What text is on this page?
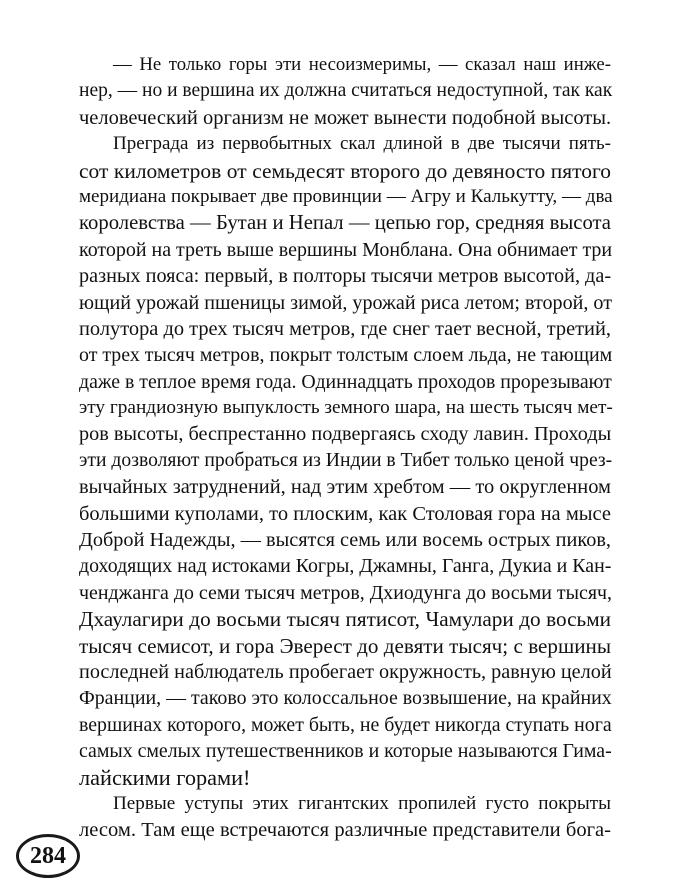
— Не только горы эти несоизмеримы, — сказал наш инже-
нер, — но и вершина их должна считаться недоступной, так как
человеческий организм не может вынести подобной высоты.
Преграда из первобытных скал длиной в две тысячи пять-
сот километров от семьдесят второго до девяносто пятого
меридиана покрывает две провинции — Агру и Калькутту, — два
королевства — Бутан и Непал — цепью гор, средняя высота
которой на треть выше вершины Монблана. Она обнимает три
разных пояса: первый, в полторы тысячи метров высотой, да-
ющий урожай пшеницы зимой, урожай риса летом; второй, от
полутора до трех тысяч метров, где снег тает весной, третий,
от трех тысяч метров, покрыт толстым слоем льда, не тающим
даже в теплое время года. Одиннадцать проходов прорезывают
эту грандиозную выпуклость земного шара, на шесть тысяч мет-
ров высоты, беспрестанно подвергаясь сходу лавин. Проходы
эти дозволяют пробраться из Индии в Тибет только ценой чрез-
вычайных затруднений, над этим хребтом — то округленном
большими куполами, то плоским, как Столовая гора на мысе
Доброй Надежды, — высятся семь или восемь острых пиков,
доходящих над истоками Когры, Джамны, Ганга, Дукиа и Кан-
ченджанга до семи тысяч метров, Дхиодунга до восьми тысяч,
Дхаулагири до восьми тысяч пятисот, Чамулари до восьми
тысяч семисот, и гора Эверест до девяти тысяч; с вершины
последней наблюдатель пробегает окружность, равную целой
Франции, — таково это колоссальное возвышение, на крайних
вершинах которого, может быть, не будет никогда ступать нога
самых смелых путешественников и которые называются Гима-
лайскими горами!
Первые уступы этих гигантских пропилей густо покрыты
лесом. Там еще встречаются различные представители бога-
284
